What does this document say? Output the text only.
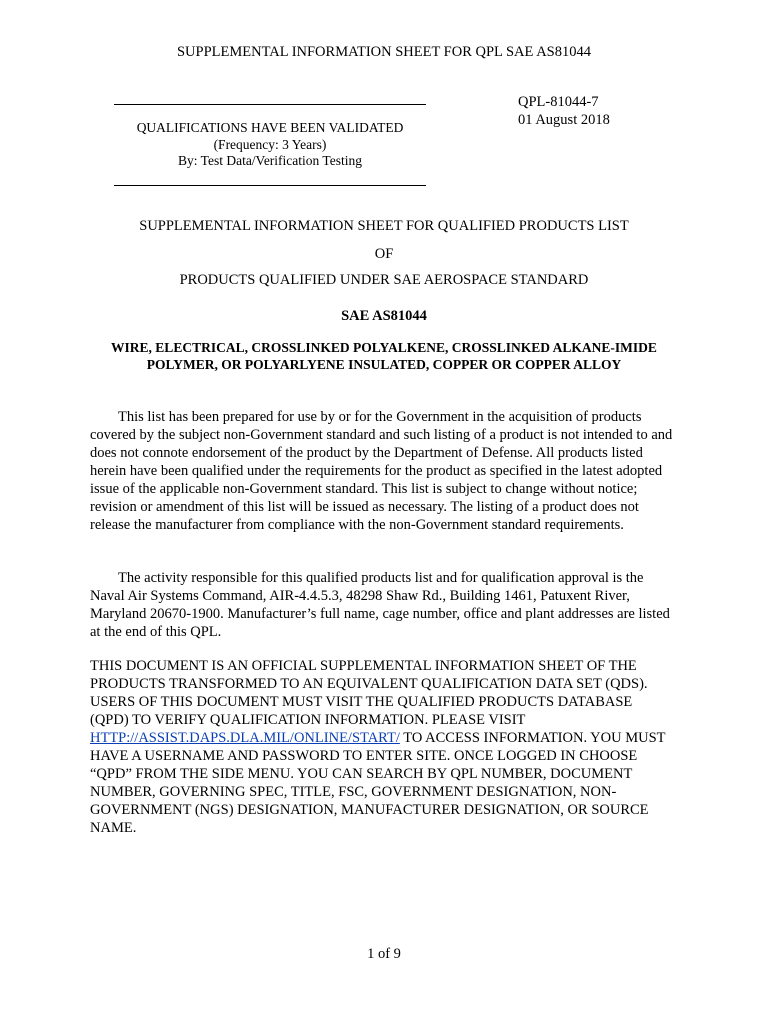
SUPPLEMENTAL INFORMATION SHEET FOR QPL SAE AS81044
QUALIFICATIONS HAVE BEEN VALIDATED
(Frequency: 3 Years)
By: Test Data/Verification Testing
QPL-81044-7
01 August 2018
SUPPLEMENTAL INFORMATION SHEET FOR QUALIFIED PRODUCTS LIST
OF
PRODUCTS QUALIFIED UNDER SAE AEROSPACE STANDARD
SAE AS81044
WIRE, ELECTRICAL, CROSSLINKED POLYALKENE, CROSSLINKED ALKANE-IMIDE
POLYMER, OR POLYARLYENE INSULATED, COPPER OR COPPER ALLOY
This list has been prepared for use by or for the Government in the acquisition of products covered by the subject non-Government standard and such listing of a product is not intended to and does not connote endorsement of the product by the Department of Defense. All products listed herein have been qualified under the requirements for the product as specified in the latest adopted issue of the applicable non-Government standard. This list is subject to change without notice; revision or amendment of this list will be issued as necessary. The listing of a product does not release the manufacturer from compliance with the non-Government standard requirements.
The activity responsible for this qualified products list and for qualification approval is the Naval Air Systems Command, AIR-4.4.5.3, 48298 Shaw Rd., Building 1461, Patuxent River, Maryland 20670-1900. Manufacturer’s full name, cage number, office and plant addresses are listed at the end of this QPL.
THIS DOCUMENT IS AN OFFICIAL SUPPLEMENTAL INFORMATION SHEET OF THE PRODUCTS TRANSFORMED TO AN EQUIVALENT QUALIFICATION DATA SET (QDS). USERS OF THIS DOCUMENT MUST VISIT THE QUALIFIED PRODUCTS DATABASE (QPD) TO VERIFY QUALIFICATION INFORMATION. PLEASE VISIT HTTP://ASSIST.DAPS.DLA.MIL/ONLINE/START/ TO ACCESS INFORMATION. YOU MUST HAVE A USERNAME AND PASSWORD TO ENTER SITE. ONCE LOGGED IN CHOOSE “QPD” FROM THE SIDE MENU. YOU CAN SEARCH BY QPL NUMBER, DOCUMENT NUMBER, GOVERNING SPEC, TITLE, FSC, GOVERNMENT DESIGNATION, NON-GOVERNMENT (NGS) DESIGNATION, MANUFACTURER DESIGNATION, OR SOURCE NAME.
1 of 9
